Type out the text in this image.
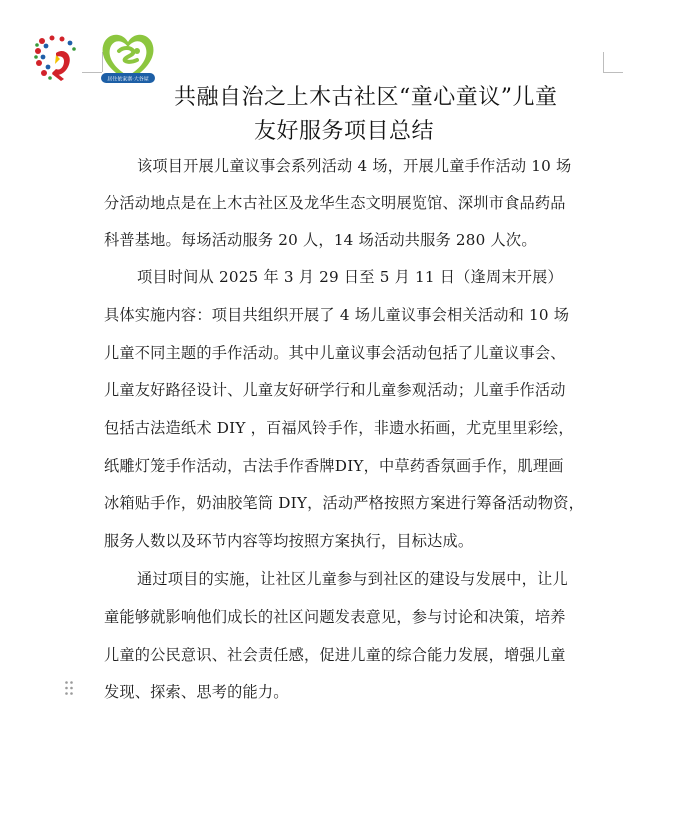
居住依家寨·大谷屋
共融自治之上木古社区“童心童议”儿童
友好服务项目总结
该项目开展儿童议事会系列活动 4 场，开展儿童手作活动 10 场
分活动地点是在上木古社区及龙华生态文明展览馆、深圳市食品药品
科普基地。每场活动服务 20 人，14 场活动共服务 280 人次。
项目时间从 2025 年 3 月 29 日至 5 月 11 日（逢周末开展）
具体实施内容：项目共组织开展了 4 场儿童议事会相关活动和 10 场
儿童不同主题的手作活动。其中儿童议事会活动包括了儿童议事会、
儿童友好路径设计、儿童友好研学行和儿童参观活动；儿童手作活动
包括古法造纸术 DIY ，百福风铃手作，非遗水拓画，尤克里里彩绘，
纸雕灯笼手作活动，古法手作香牌DIY，中草药香氛画手作，肌理画
冰箱贴手作，奶油胶笔筒 DIY，活动严格按照方案进行筹备活动物资，
服务人数以及环节内容等均按照方案执行，目标达成。
通过项目的实施，让社区儿童参与到社区的建设与发展中，让儿
童能够就影响他们成长的社区问题发表意见，参与讨论和决策，培养
儿童的公民意识、社会责任感，促进儿童的综合能力发展，增强儿童
发现、探索、思考的能力。
